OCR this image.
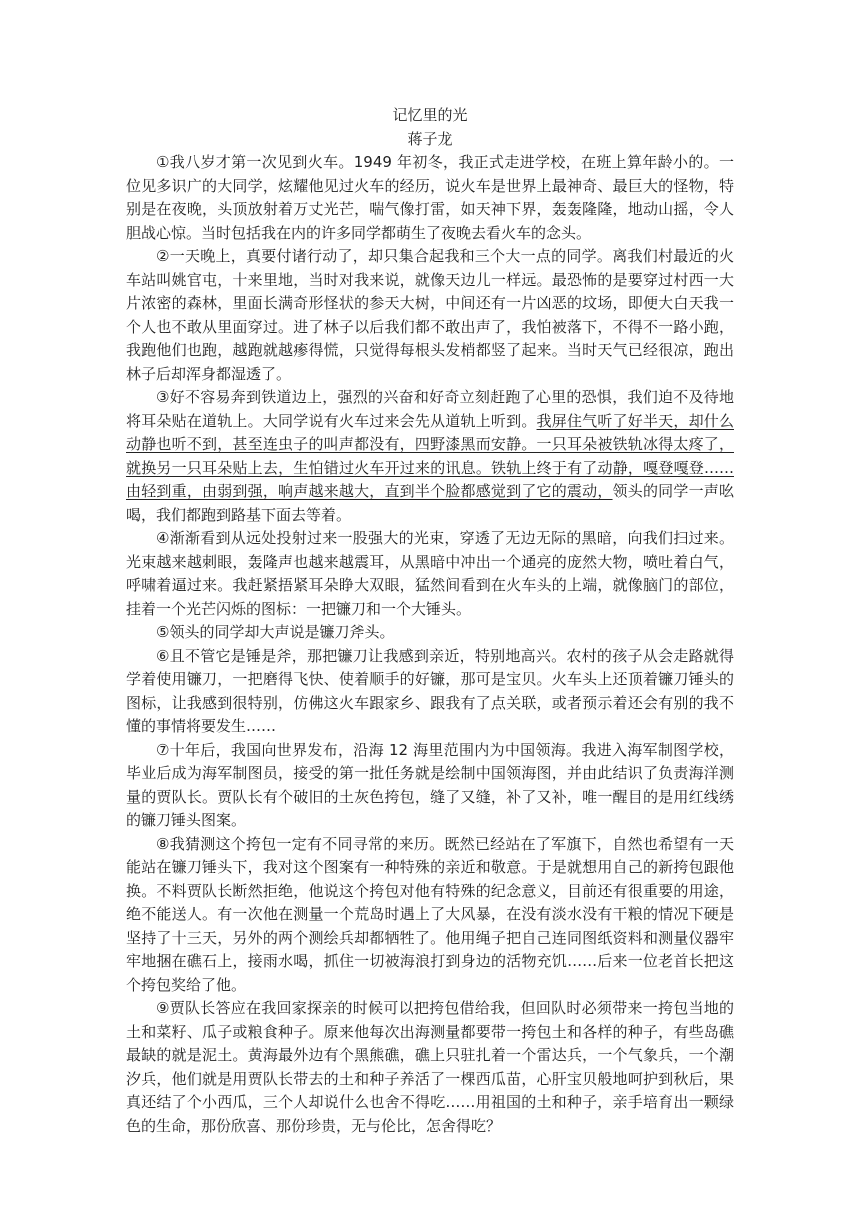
记忆里的光

蒋子龙

①我八岁才第一次见到火车。1949 年初冬，我正式走进学校，在班上算年龄小的。一位见多识广的大同学，炫耀他见过火车的经历，说火车是世界上最神奇、最巨大的怪物，特别是在夜晚，头顶放射着万丈光芒，喘气像打雷，如天神下界，轰轰隆隆，地动山摇，令人胆战心惊。当时包括我在内的许多同学都萌生了夜晚去看火车的念头。

②一天晚上，真要付诸行动了，却只集合起我和三个大一点的同学。离我们村最近的火车站叫姚官屯，十来里地，当时对我来说，就像天边儿一样远。最恐怖的是要穿过村西一大片浓密的森林，里面长满奇形怪状的参天大树，中间还有一片凶恶的坟场，即便大白天我一个人也不敢从里面穿过。进了林子以后我们都不敢出声了，我怕被落下，不得不一路小跑，我跑他们也跑，越跑就越瘆得慌，只觉得每根头发梢都竖了起来。当时天气已经很凉，跑出林子后却浑身都湿透了。

③好不容易奔到铁道边上，强烈的兴奋和好奇立刻赶跑了心里的恐惧，我们迫不及待地将耳朵贴在道轨上。大同学说有火车过来会先从道轨上听到。我屏住气听了好半天，却什么动静也听不到，甚至连虫子的叫声都没有，四野漆黑而安静。一只耳朵被铁轨冰得太疼了，就换另一只耳朵贴上去，生怕错过火车开过来的讯息。铁轨上终于有了动静，嘎登嘎登……由轻到重，由弱到强，响声越来越大，直到半个脸都感觉到了它的震动，领头的同学一声吆喝，我们都跑到路基下面去等着。

④渐渐看到从远处投射过来一股强大的光束，穿透了无边无际的黑暗，向我们扫过来。光束越来越刺眼，轰隆声也越来越震耳，从黑暗中冲出一个通亮的庞然大物，喷吐着白气，呼啸着逼过来。我赶紧捂紧耳朵睁大双眼，猛然间看到在火车头的上端，就像脑门的部位，挂着一个光芒闪烁的图标：一把镰刀和一个大锤头。

⑤领头的同学却大声说是镰刀斧头。

⑥且不管它是锤是斧，那把镰刀让我感到亲近，特别地高兴。农村的孩子从会走路就得学着使用镰刀，一把磨得飞快、使着顺手的好镰，那可是宝贝。火车头上还顶着镰刀锤头的图标，让我感到很特别，仿佛这火车跟家乡、跟我有了点关联，或者预示着还会有别的我不懂的事情将要发生……

⑦十年后，我国向世界发布，沿海 12 海里范围内为中国领海。我进入海军制图学校，毕业后成为海军制图员，接受的第一批任务就是绘制中国领海图，并由此结识了负责海洋测量的贾队长。贾队长有个破旧的土灰色挎包，缝了又缝，补了又补，唯一醒目的是用红线绣的镰刀锤头图案。

⑧我猜测这个挎包一定有不同寻常的来历。既然已经站在了军旗下，自然也希望有一天能站在镰刀锤头下，我对这个图案有一种特殊的亲近和敬意。于是就想用自己的新挎包跟他换。不料贾队长断然拒绝，他说这个挎包对他有特殊的纪念意义，目前还有很重要的用途，绝不能送人。有一次他在测量一个荒岛时遇上了大风暴，在没有淡水没有干粮的情况下硬是坚持了十三天，另外的两个测绘兵却都牺牲了。他用绳子把自己连同图纸资料和测量仪器牢牢地捆在礁石上，接雨水喝，抓住一切被海浪打到身边的活物充饥……后来一位老首长把这个挎包奖给了他。

⑨贾队长答应在我回家探亲的时候可以把挎包借给我，但回队时必须带来一挎包当地的土和菜籽、瓜子或粮食种子。原来他每次出海测量都要带一挎包土和各样的种子，有些岛礁最缺的就是泥土。黄海最外边有个黑熊礁，礁上只驻扎着一个雷达兵，一个气象兵，一个潮汐兵，他们就是用贾队长带去的土和种子养活了一棵西瓜苗，心肝宝贝般地呵护到秋后，果真还结了个小西瓜，三个人却说什么也舍不得吃……用祖国的土和种子，亲手培育出一颗绿色的生命，那份欣喜、那份珍贵，无与伦比，怎舍得吃？
